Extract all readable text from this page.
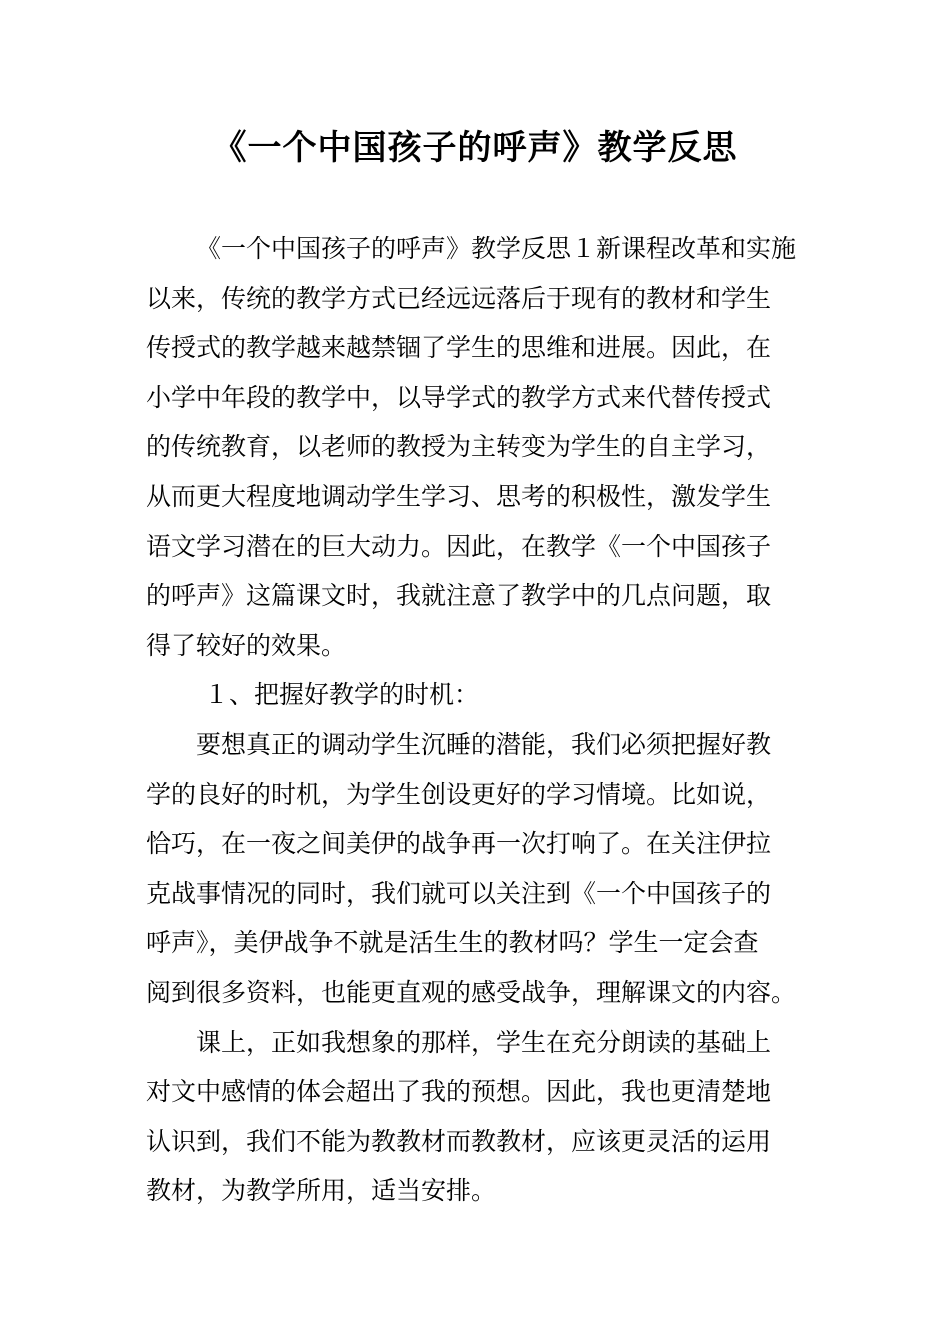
《一个中国孩子的呼声》教学反思
《一个中国孩子的呼声》教学反思１新课程改革和实施
以来，传统的教学方式已经远远落后于现有的教材和学生
传授式的教学越来越禁锢了学生的思维和进展。因此，在
小学中年段的教学中，以导学式的教学方式来代替传授式
的传统教育，以老师的教授为主转变为学生的自主学习，
从而更大程度地调动学生学习、思考的积极性，激发学生
语文学习潜在的巨大动力。因此，在教学《一个中国孩子
的呼声》这篇课文时，我就注意了教学中的几点问题，取
得了较好的效果。
１、把握好教学的时机：
要想真正的调动学生沉睡的潜能，我们必须把握好教
学的良好的时机，为学生创设更好的学习情境。比如说，
恰巧，在一夜之间美伊的战争再一次打响了。在关注伊拉
克战事情况的同时，我们就可以关注到《一个中国孩子的
呼声》，美伊战争不就是活生生的教材吗？学生一定会查
阅到很多资料，也能更直观的感受战争，理解课文的内容。
课上，正如我想象的那样，学生在充分朗读的基础上
对文中感情的体会超出了我的预想。因此，我也更清楚地
认识到，我们不能为教教材而教教材，应该更灵活的运用
教材，为教学所用，适当安排。
